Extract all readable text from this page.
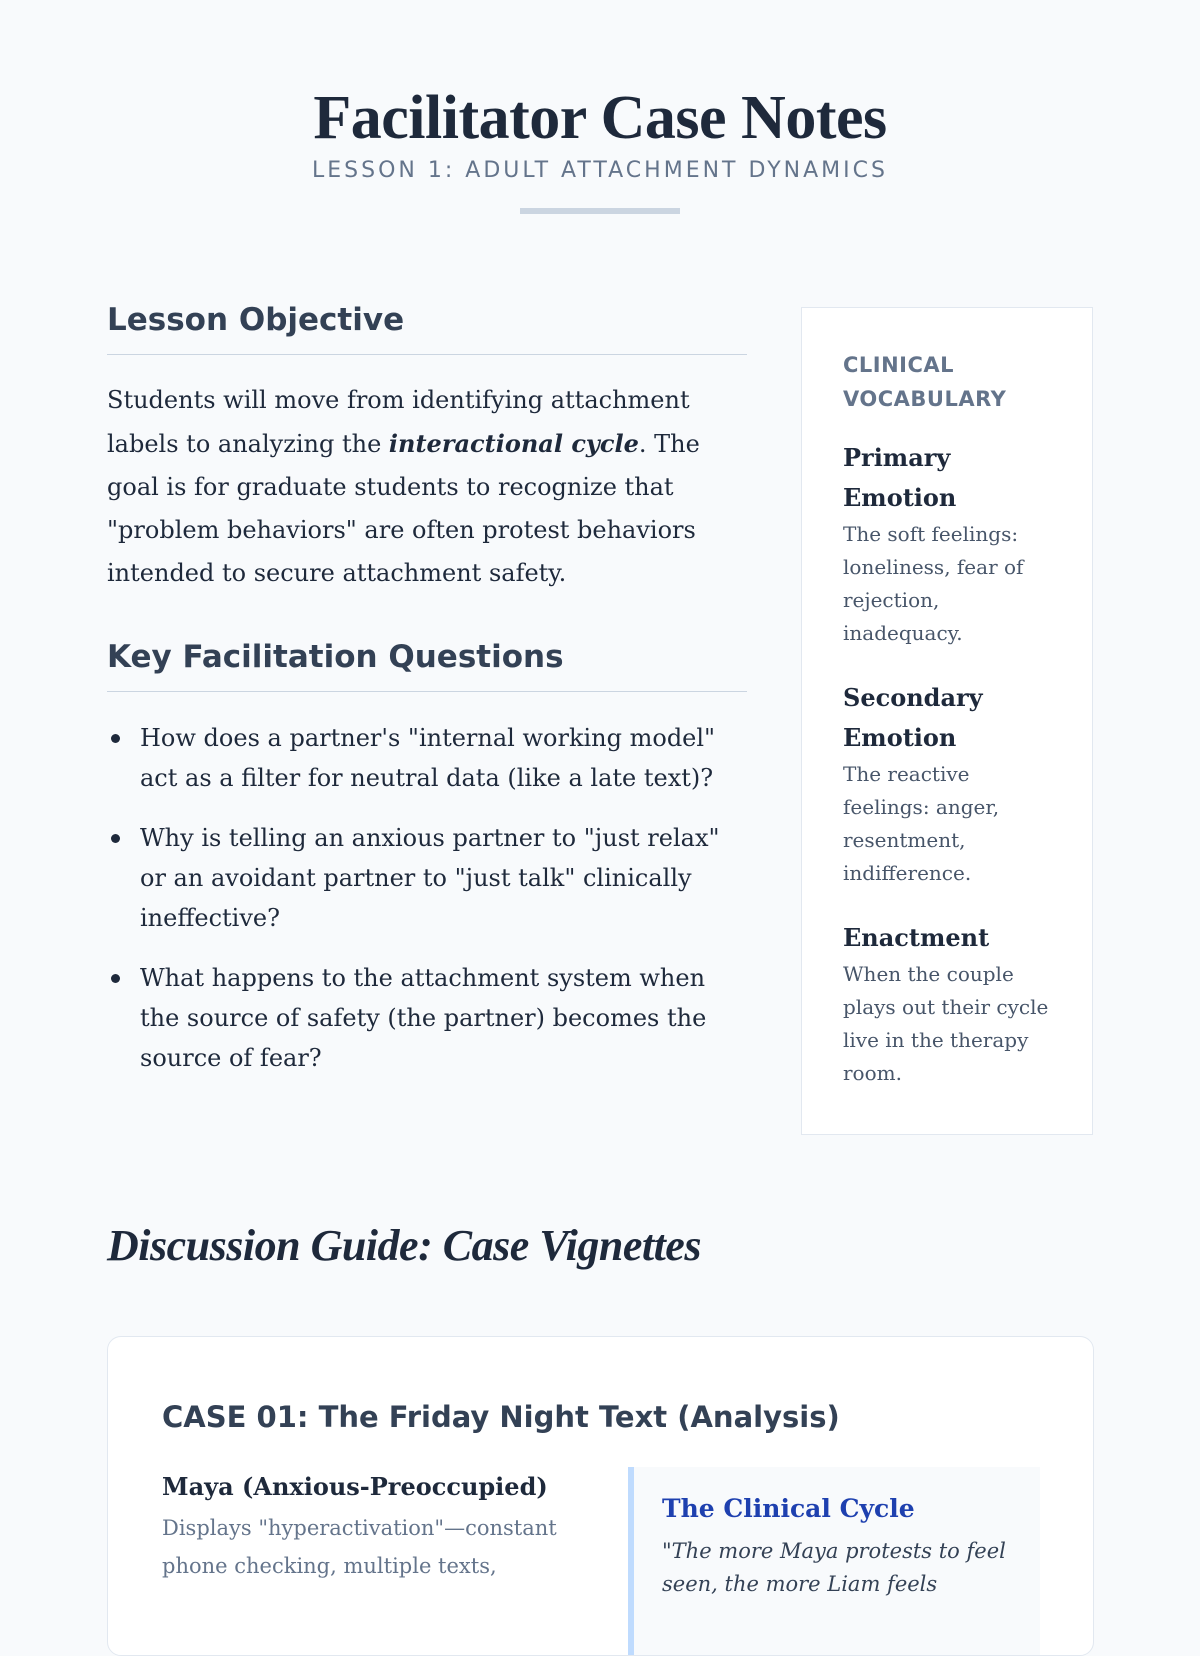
Facilitator Case Notes
LESSON 1: ADULT ATTACHMENT DYNAMICS
Lesson Objective

Students will move from identifying attachment labels to analyzing the interactional cycle. The goal is for graduate students to recognize that "problem behaviors" are often protest behaviors intended to secure attachment safety.

Key Facilitation Questions
How does a partner's "internal working model" act as a filter for neutral data (like a late text)?
Why is telling an anxious partner to "just relax" or an avoidant partner to "just talk" clinically ineffective?
What happens to the attachment system when the source of safety (the partner) becomes the source of fear?
CLINICAL VOCABULARY
Primary Emotion
The soft feelings: loneliness, fear of rejection, inadequacy.
Secondary Emotion
The reactive feelings: anger, resentment, indifference.
Enactment
When the couple plays out their cycle live in the therapy room.
Discussion Guide: Case Vignettes
CASE 01: The Friday Night Text (Analysis)
Maya (Anxious-Preoccupied)
Displays "hyperactivation"—constant phone checking, multiple texts,
The Clinical Cycle
"The more Maya protests to feel seen, the more Liam feels
